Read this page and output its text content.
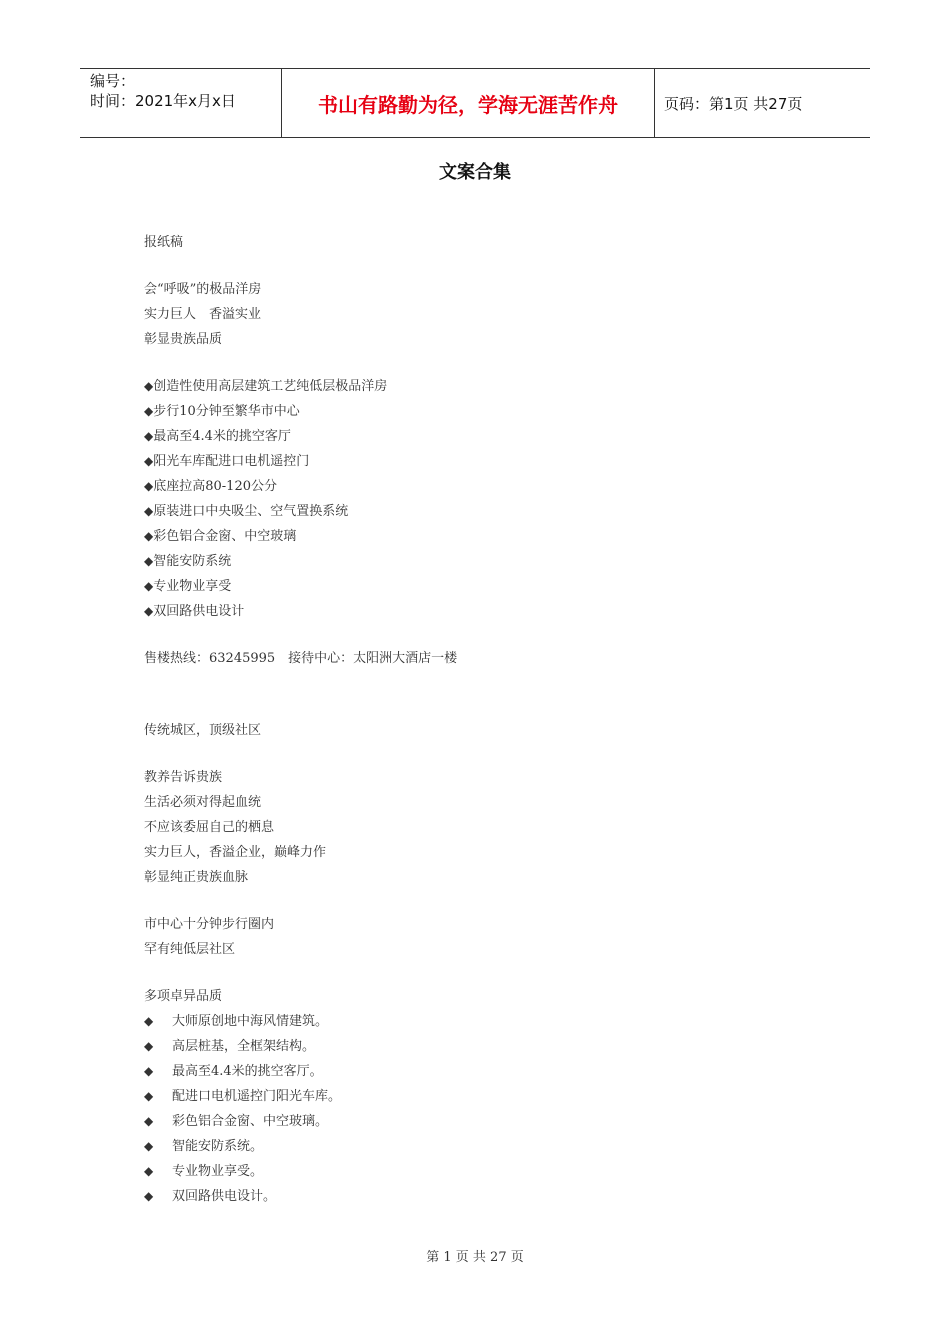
编号：
时间：2021年x月x日	书山有路勤为径，学海无涯苦作舟	页码：第1页 共27页
文案合集
报纸稿
会“呼吸”的极品洋房
实力巨人　香溢实业
彰显贵族品质
◆创造性使用高层建筑工艺纯低层极品洋房
◆步行10分钟至繁华市中心
◆最高至4.4米的挑空客厅
◆阳光车库配进口电机遥控门
◆底座拉高80-120公分
◆原装进口中央吸尘、空气置换系统
◆彩色铝合金窗、中空玻璃
◆智能安防系统
◆专业物业享受
◆双回路供电设计
售楼热线：63245995　接待中心：太阳洲大酒店一楼
传统城区，顶级社区
教养告诉贵族
生活必须对得起血统
不应该委屈自己的栖息
实力巨人，香溢企业，巅峰力作
彰显纯正贵族血脉
市中心十分钟步行圈内
罕有纯低层社区
多项卓异品质
◆ 大师原创地中海风情建筑。
◆ 高层桩基，全框架结构。
◆ 最高至4.4米的挑空客厅。
◆ 配进口电机遥控门阳光车库。
◆ 彩色铝合金窗、中空玻璃。
◆ 智能安防系统。
◆ 专业物业享受。
◆ 双回路供电设计。
第 1 页 共 27 页
